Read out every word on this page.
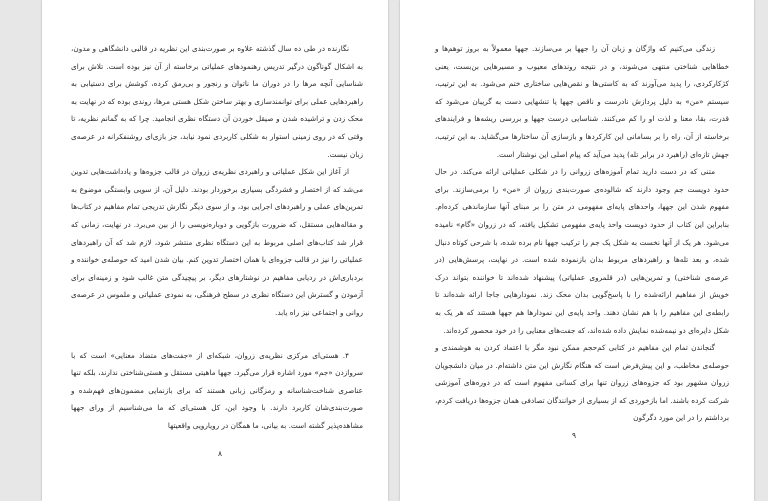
نگارنده در طی ده سال گذشته علاوه بر صورت‌بندی این نظریه در قالبی دانشگاهی و مدون، به اشکال گوناگون درگیر تدریس رهنمودهای عملیاتی برخاسته از آن نیز بوده است. تلاش برای شناسایی آنچه مرها را در دوران ما ناتوان و رنجور و بی‌رمق کرده، کوشش برای دستیابی به راهبردهایی عملی برای توانمندسازی و بهتر ساختن شکل هستی مرها، روندی بوده که در نهایت به محک زدن و تراشیده شدن و صیقل خوردن آن دستگاه نظری انجامید. چرا که به گمانم نظریه، تا وقتی که در روی زمینی استوار به شکلی کاربردی نمود نیابد، جز بازی‌ای روشنفکرانه در عرصه‌ی زبان نیست.

از آغاز این شکل عملیاتی و راهبردی نظریه‌ی زروان در قالب جزوه‌ها و یادداشت‌هایی تدوین می‌شد که از اختصار و فشردگی بسیاری برخوردار بودند. دلیل آن، از سویی وابستگی موضوع به تمرین‌های عملی و راهبردهای اجرایی بود، و از سوی دیگر نگارش تدریجی تمام مفاهیم در کتاب‌ها و مقاله‌هایی مستقل، که ضرورت بازگویی و دوباره‌نویسی را از بین می‌برد. در نهایت، زمانی که قرار شد کتاب‌های اصلی مربوط به این دستگاه نظری منتشر شود، لازم شد که آن راهبردهای عملیاتی را نیز در قالب جزوه‌ای با همان اختصار تدوین کنم. بیان شدن امید که حوصله‌ی خواننده و بردباری‌اش در ردیابی مفاهیم در نوشتارهای دیگر، بر پیچیدگی متن غالب شود و زمینه‌ای برای آزمودن و گسترش این دستگاه نظری در سطح فرهنگی، به نمودی عملیاتی و ملموس در عرصه‌ی روانی و اجتماعی نیز راه یابد.

۴. هستی‌ای مرکزی نظریه‌ی زروان، شبکه‌ای از «جفت‌های متضاد معنایی» است که با سروازدن «جم» مورد اشاره قرار می‌گیرد. جهها ماهیتی مستقل و هستی‌شناختی ندارند، بلکه تنها عناصری شناخت‌شناسانه و رمزگانی زبانی هستند که برای بازنمایی مضمون‌های فهم‌شده و صورت‌بندی‌شان کاربرد دارند. با وجود این، کل هستی‌ای که ما می‌شناسیم از ورای جهها مشاهده‌پذیر گشته است. به بیانی، ما همگان در رویارویی واقعیتها

۸

زندگی می‌کنیم که واژگان و زبان آن را جهها بر می‌سازند. جهها معمولاً به بروز توهم‌ها و خطاهایی شناختی منتهی می‌شوند، و در نتیجه روندهای معیوب و مسیرهایی بن‌بست، یعنی کژکارکردی، را پدید می‌آورند که به کاستی‌ها و نقص‌هایی ساختاری ختم می‌شود. به این ترتیب، سیستم «من» به دلیل پردازش نادرست و ناقص جهها یا تنشهایی دست به گریبان می‌شود که قدرت، بقا، معنا و لذت او را کم می‌کنند. شناسایی درست جهها و بررسی ریشه‌ها و فرایندهای برخاسته از آن، راه را بر بسامانی این کارکردها و بازسازی آن ساختارها می‌گشاید. به این ترتیب، جهش تازه‌ای (راهبرد در برابر تله) پدید می‌آید که پیام اصلی این نوشتار است.

متنی که در دست دارید تمام آموزه‌های زروانی را در شکلی عملیاتی ارائه می‌کند. در حال حدود دویست جم وجود دارند که شالوده‌ی صورت‌بندی زروان از «من» را برمی‌سازند. برای مفهوم شدن این جهها، واحدهای پایه‌ای مفهومی در متن را بر مبنای آنها سازماندهی کرده‌ام. بنابراین این کتاب از حدود دویست واحد پایه‌ی مفهومی تشکیل یافته، که در زروان «گام» نامیده می‌شود. هر یک از آنها نخست به شکل یک جم را ترکیب جهها نام برده شده، با شرحی کوتاه دنبال شده، و بعد تله‌ها و راهبردهای مربوط بدان بازنموده شده است. در نهایت، پرسش‌هایی (در عرصه‌ی شناختی) و تمرین‌هایی (در قلمروی عملیاتی) پیشنهاد شده‌اند تا خواننده بتواند درک خویش از مفاهیم ارائه‌شده را با پاسخ‌گویی بدان محک زند. نمودارهایی جا‌جا ارائه شده‌اند تا رابطه‌ی این مفاهیم را با هم نشان دهند. واحد پایه‌ی این نمودارها هم جهها هستند که هر یک به شکل دایره‌ای دو نیمه‌شده نمایش داده شده‌اند، که جفت‌های معنایی را در خود محصور کرده‌اند.

گنجاندن تمام این مفاهیم در کتابی کم‌حجم ممکن نبود مگر با اعتماد کردن به هوشمندی و حوصله‌ی مخاطب، و این پیش‌فرض است که هنگام نگارش این متن داشته‌ام. در میان دانشجویان زروان مشهور بود که جزوه‌های زروان تنها برای کسانی مفهوم است که در دوره‌های آموزشی شرکت کرده باشند. اما بازخوردی که از بسیاری از خوانندگان تصادفی همان جزوه‌ها دریافت کردم، برداشتم را در این مورد دگرگون

۹
